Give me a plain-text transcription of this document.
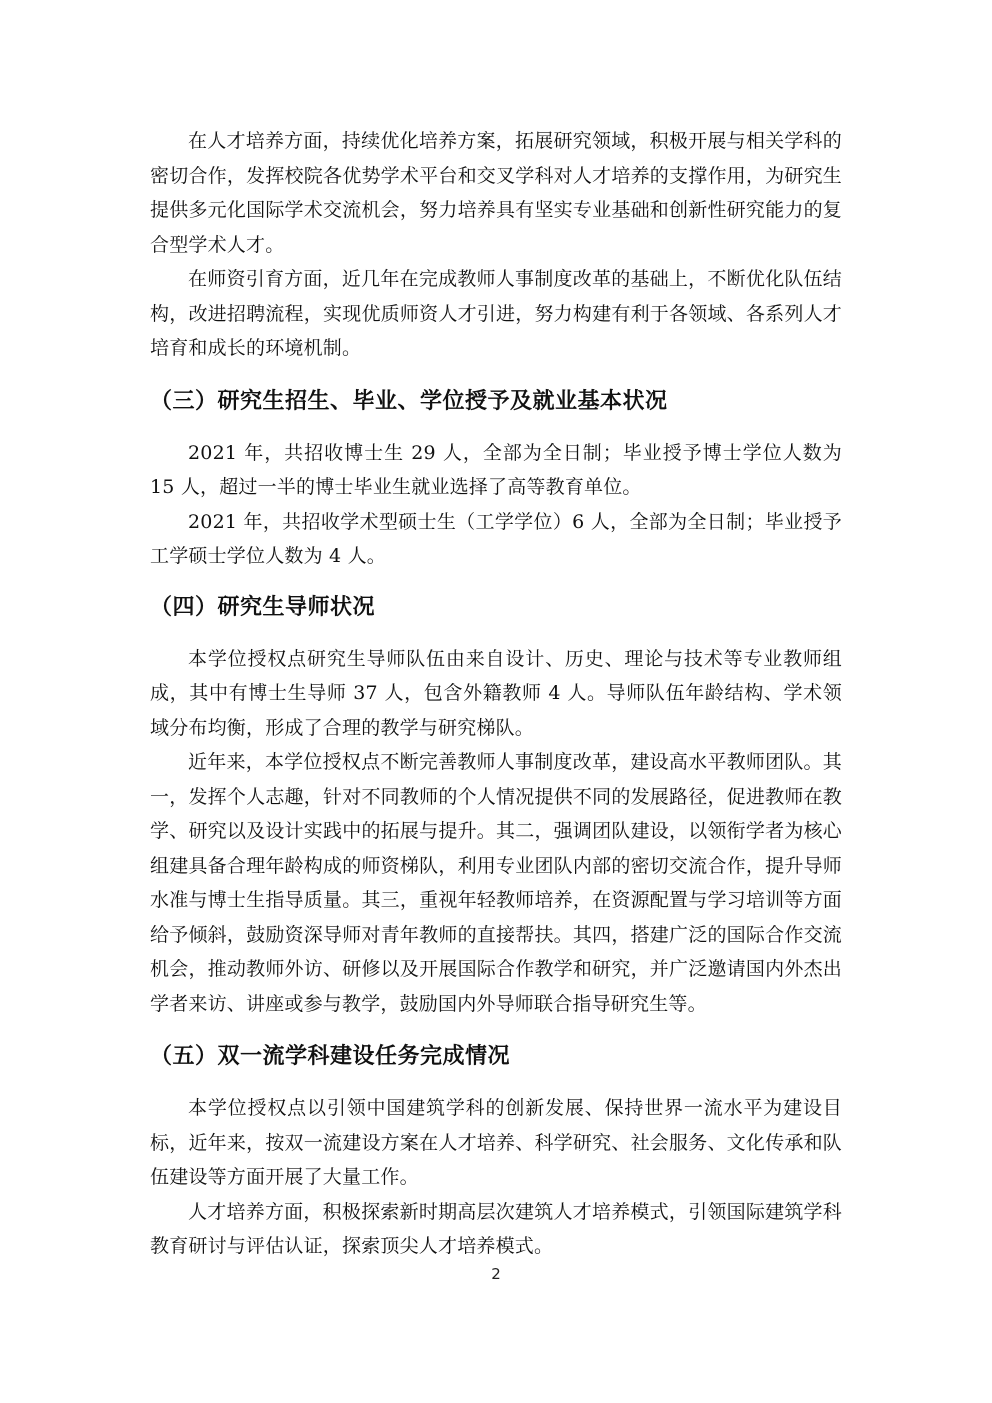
在人才培养方面，持续优化培养方案，拓展研究领域，积极开展与相关学科的密切合作，发挥校院各优势学术平台和交叉学科对人才培养的支撑作用，为研究生提供多元化国际学术交流机会，努力培养具有坚实专业基础和创新性研究能力的复合型学术人才。

在师资引育方面，近几年在完成教师人事制度改革的基础上，不断优化队伍结构，改进招聘流程，实现优质师资人才引进，努力构建有利于各领域、各系列人才培育和成长的环境机制。

（三）研究生招生、毕业、学位授予及就业基本状况

2021 年，共招收博士生 29 人，全部为全日制；毕业授予博士学位人数为 15 人，超过一半的博士毕业生就业选择了高等教育单位。

2021 年，共招收学术型硕士生（工学学位）6 人，全部为全日制；毕业授予工学硕士学位人数为 4 人。

（四）研究生导师状况

本学位授权点研究生导师队伍由来自设计、历史、理论与技术等专业教师组成，其中有博士生导师 37 人，包含外籍教师 4 人。导师队伍年龄结构、学术领域分布均衡，形成了合理的教学与研究梯队。

近年来，本学位授权点不断完善教师人事制度改革，建设高水平教师团队。其一，发挥个人志趣，针对不同教师的个人情况提供不同的发展路径，促进教师在教学、研究以及设计实践中的拓展与提升。其二，强调团队建设，以领衔学者为核心组建具备合理年龄构成的师资梯队，利用专业团队内部的密切交流合作，提升导师水准与博士生指导质量。其三，重视年轻教师培养，在资源配置与学习培训等方面给予倾斜，鼓励资深导师对青年教师的直接帮扶。其四，搭建广泛的国际合作交流机会，推动教师外访、研修以及开展国际合作教学和研究，并广泛邀请国内外杰出学者来访、讲座或参与教学，鼓励国内外导师联合指导研究生等。

（五）双一流学科建设任务完成情况

本学位授权点以引领中国建筑学科的创新发展、保持世界一流水平为建设目标，近年来，按双一流建设方案在人才培养、科学研究、社会服务、文化传承和队伍建设等方面开展了大量工作。

人才培养方面，积极探索新时期高层次建筑人才培养模式，引领国际建筑学科教育研讨与评估认证，探索顶尖人才培养模式。

2
